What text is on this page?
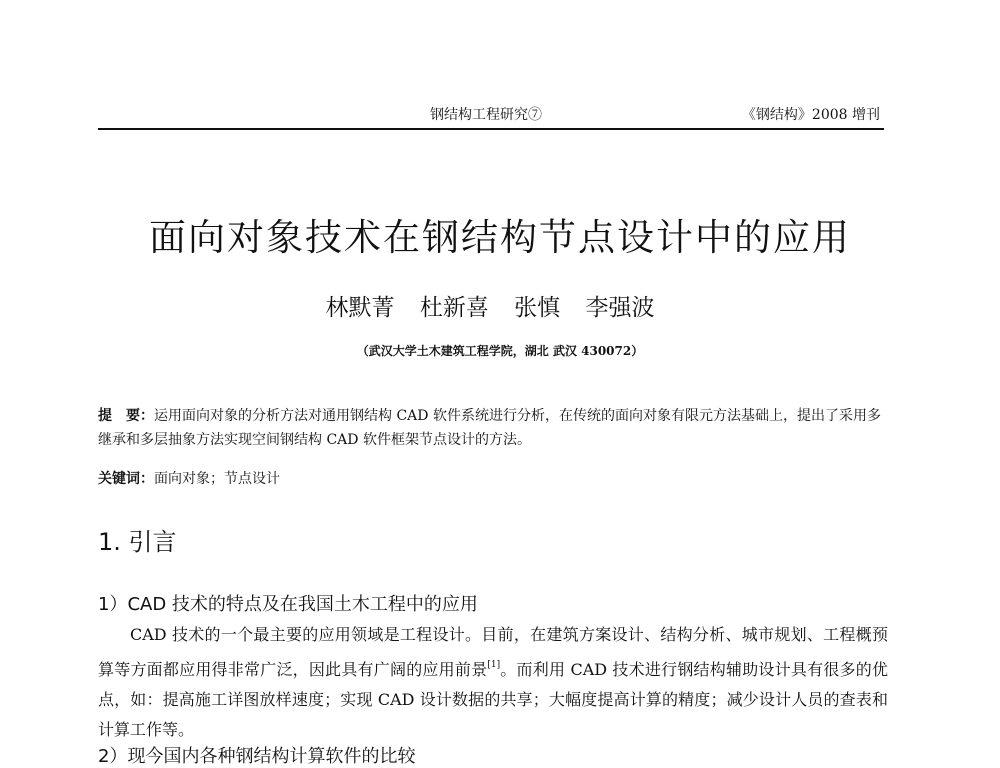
钢结构工程研究⑦	《钢结构》2008 增刊
面向对象技术在钢结构节点设计中的应用
林默菁 杜新喜 张慎 李强波
（武汉大学土木建筑工程学院，湖北 武汉 430072）
提　要：运用面向对象的分析方法对通用钢结构 CAD 软件系统进行分析，在传统的面向对象有限元方法基础上，提出了采用多继承和多层抽象方法实现空间钢结构 CAD 软件框架节点设计的方法。
关键词：面向对象；节点设计
1. 引言
1）CAD 技术的特点及在我国土木工程中的应用

CAD 技术的一个最主要的应用领域是工程设计。目前，在建筑方案设计、结构分析、城市规划、工程概预算等方面都应用得非常广泛，因此具有广阔的应用前景[1]。而利用 CAD 技术进行钢结构辅助设计具有很多的优点，如：提高施工详图放样速度；实现 CAD 设计数据的共享；大幅度提高计算的精度；减少设计人员的查表和计算工作等。

2）现今国内各种钢结构计算软件的比较
